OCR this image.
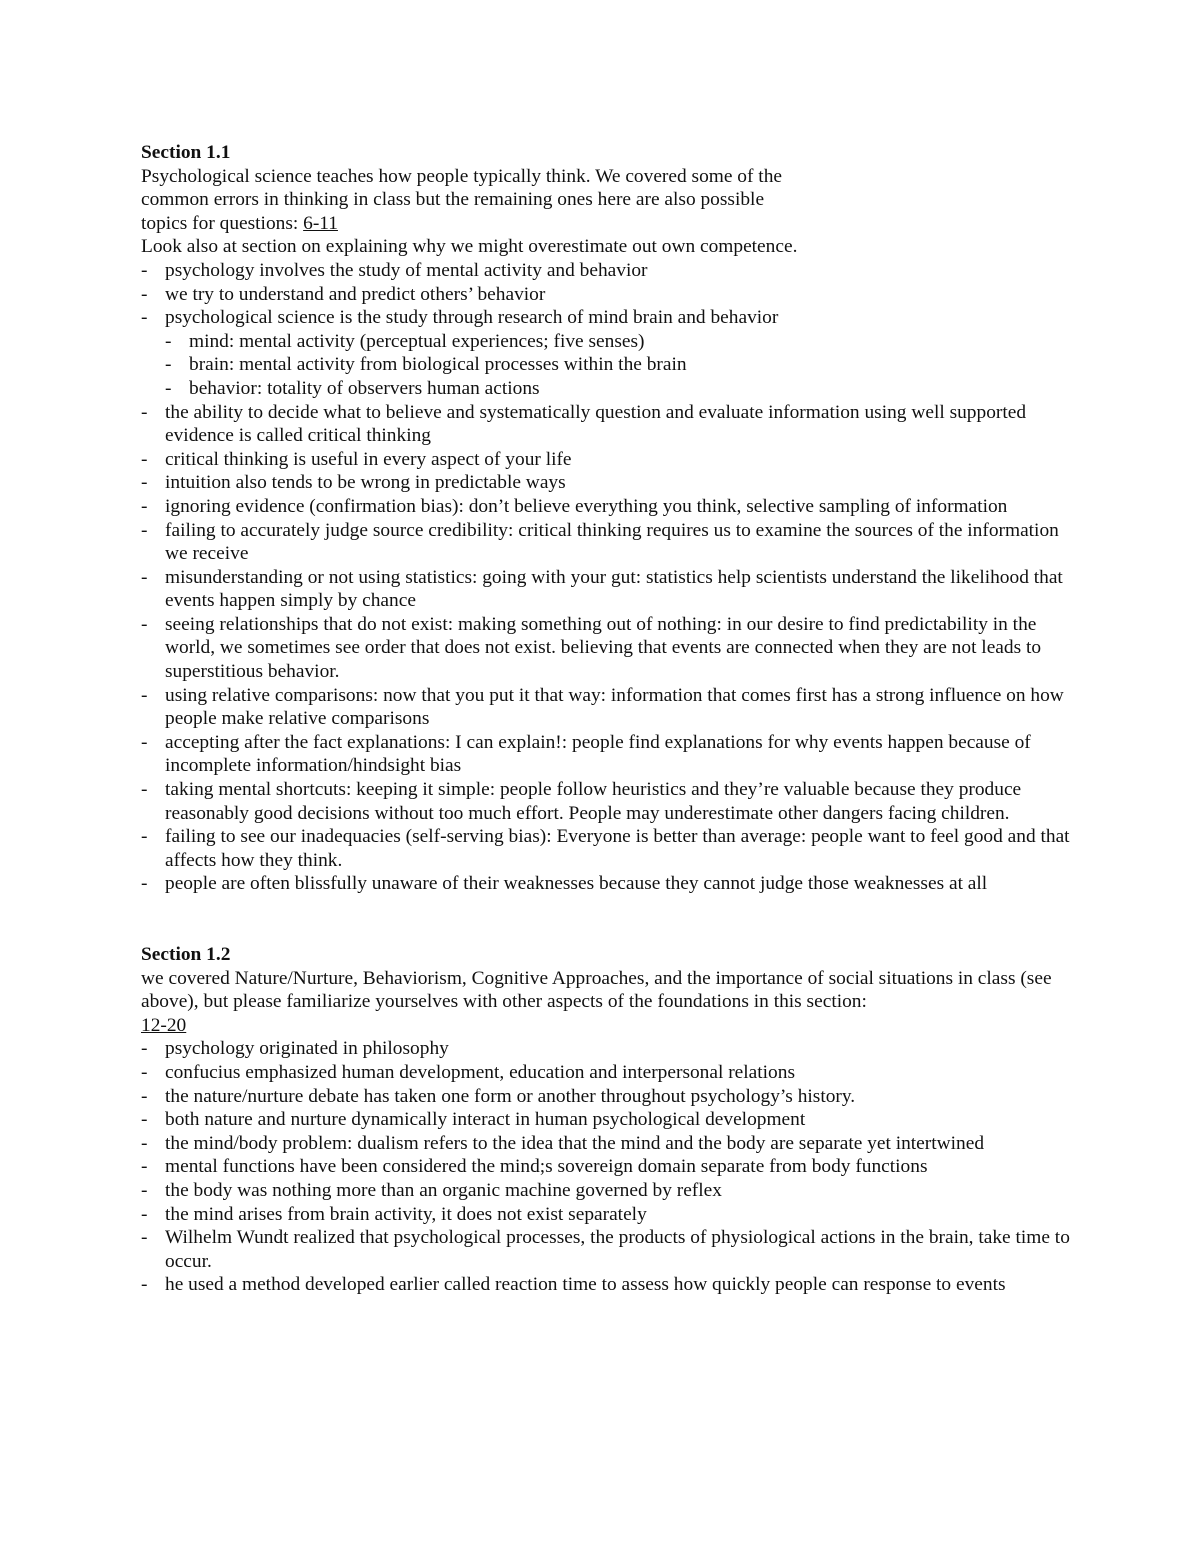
Section 1.1

Psychological science teaches how people typically think. We covered some of the

common errors in thinking in class but the remaining ones here are also possible

topics for questions: 6-11

Look also at section on explaining why we might overestimate out own competence.

- psychology involves the study of mental activity and behavior
- we try to understand and predict others’ behavior
- psychological science is the study through research of mind brain and behavior
- mind: mental activity (perceptual experiences; five senses)
- brain: mental activity from biological processes within the brain
- behavior: totality of observers human actions
- the ability to decide what to believe and systematically question and evaluate information using well supported evidence is called critical thinking
- critical thinking is useful in every aspect of your life
- intuition also tends to be wrong in predictable ways
- ignoring evidence (confirmation bias): don’t believe everything you think, selective sampling of information
- failing to accurately judge source credibility: critical thinking requires us to examine the sources of the information we receive
- misunderstanding or not using statistics: going with your gut: statistics help scientists understand the likelihood that events happen simply by chance
- seeing relationships that do not exist: making something out of nothing: in our desire to find predictability in the world, we sometimes see order that does not exist. believing that events are connected when they are not leads to superstitious behavior.
- using relative comparisons: now that you put it that way: information that comes first has a strong influence on how people make relative comparisons
- accepting after the fact explanations: I can explain!: people find explanations for why events happen because of incomplete information/hindsight bias
- taking mental shortcuts: keeping it simple: people follow heuristics and they’re valuable because they produce reasonably good decisions without too much effort. People may underestimate other dangers facing children.
- failing to see our inadequacies (self-serving bias): Everyone is better than average: people want to feel good and that affects how they think.
- people are often blissfully unaware of their weaknesses because they cannot judge those weaknesses at all

Section 1.2

we covered Nature/Nurture, Behaviorism, Cognitive Approaches, and the importance of social situations in class (see above), but please familiarize yourselves with other aspects of the foundations in this section:
12-20

- psychology originated in philosophy
- confucius emphasized human development, education and interpersonal relations
- the nature/nurture debate has taken one form or another throughout psychology’s history.
- both nature and nurture dynamically interact in human psychological development
- the mind/body problem: dualism refers to the idea that the mind and the body are separate yet intertwined
- mental functions have been considered the mind;s sovereign domain separate from body functions
- the body was nothing more than an organic machine governed by reflex
- the mind arises from brain activity, it does not exist separately
- Wilhelm Wundt realized that psychological processes, the products of physiological actions in the brain, take time to occur.
- he used a method developed earlier called reaction time to assess how quickly people can response to events
